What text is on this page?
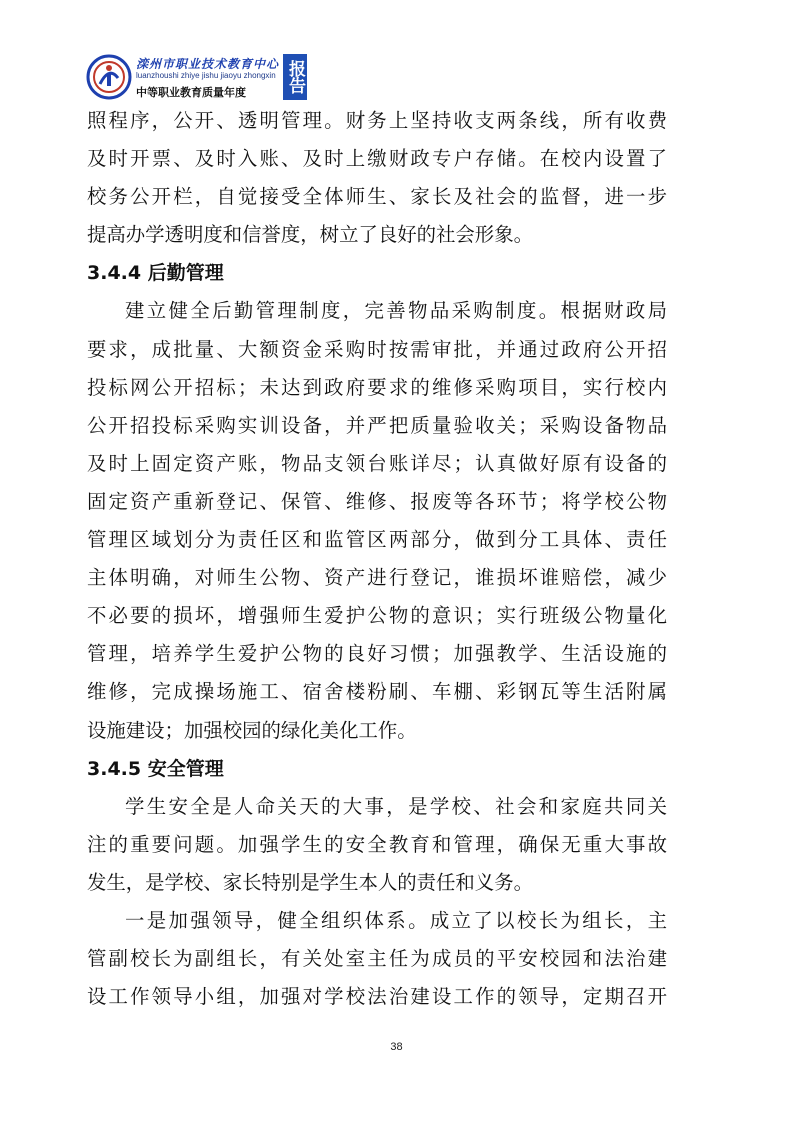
滦州市职业技术教育中心
luanzhoushi zhiye jishu jiaoyu zhongxin
中等职业教育质量年度 报告
照程序，公开、透明管理。财务上坚持收支两条线，所有收费
及时开票、及时入账、及时上缴财政专户存储。在校内设置了
校务公开栏，自觉接受全体师生、家长及社会的监督，进一步
提高办学透明度和信誉度，树立了良好的社会形象。
3.4.4 后勤管理
建立健全后勤管理制度，完善物品采购制度。根据财政局
要求，成批量、大额资金采购时按需审批，并通过政府公开招
投标网公开招标；未达到政府要求的维修采购项目，实行校内
公开招投标采购实训设备，并严把质量验收关；采购设备物品
及时上固定资产账，物品支领台账详尽；认真做好原有设备的
固定资产重新登记、保管、维修、报废等各环节；将学校公物
管理区域划分为责任区和监管区两部分，做到分工具体、责任
主体明确，对师生公物、资产进行登记，谁损坏谁赔偿，减少
不必要的损坏，增强师生爱护公物的意识；实行班级公物量化
管理，培养学生爱护公物的良好习惯；加强教学、生活设施的
维修，完成操场施工、宿舍楼粉刷、车棚、彩钢瓦等生活附属
设施建设；加强校园的绿化美化工作。
3.4.5 安全管理
学生安全是人命关天的大事，是学校、社会和家庭共同关
注的重要问题。加强学生的安全教育和管理，确保无重大事故
发生，是学校、家长特别是学生本人的责任和义务。
一是加强领导，健全组织体系。成立了以校长为组长，主
管副校长为副组长，有关处室主任为成员的平安校园和法治建
设工作领导小组，加强对学校法治建设工作的领导，定期召开
38
